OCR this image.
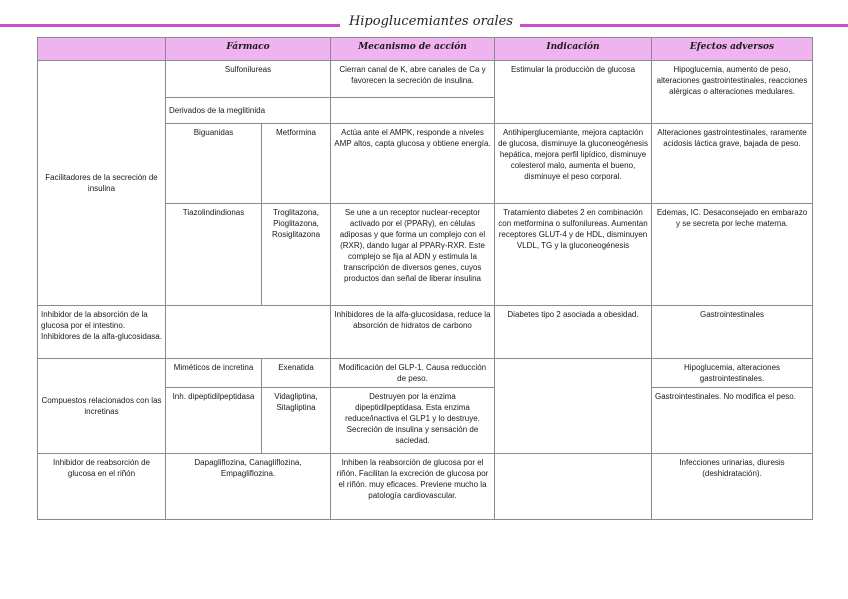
Hipoglucemiantes orales
	Fármaco		Mecanismo de acción	Indicación	Efectos adversos
Facilitadores de la secreción de insulina	Sulfonilureas		Cierran canal de K, abre canales de Ca y favorecen la secreción de insulina.	Estimular la producción de glucosa	Hipoglucemia, aumento de peso, alteraciones gastrointestinales, reacciones alérgicas o alteraciones medulares.
	Derivados de la meglitinida				
	Biguanidas	Metformina	Actúa ante el AMPK, responde a niveles AMP altos, capta glucosa y obtiene energía.	Antihiperglucemiante, mejora captación de glucosa, disminuye la gluconeogénesis hepática, mejora perfil lipídico, disminuye colesterol malo, aumenta el bueno, disminuye el peso corporal.	Alteraciones gastrointestinales, raramente acidosis láctica grave, bajada de peso.
	Tiazolindindionas	Troglitazona, Pioglitazona, Rosiglitazona	Se une a un receptor nuclear-receptor activado por el (PPARγ), en células adiposas y que forma un complejo con el (RXR), dando lugar al PPARγ-RXR. Este complejo se fija al ADN y estimula la transcripción de diversos genes, cuyos productos dan señal de liberar insulina	Tratamiento diabetes 2 en combinación con metformina o sulfonilureas. Aumentan receptores GLUT-4 y de HDL, disminuyen VLDL, TG y la gluconeogénesis	Edemas, IC. Desaconsejado en embarazo y se secreta por leche materna.
Inhibidor de la absorción de la glucosa por el intestino. Inhibidores de la alfa-glucosidasa.			Inhibidores de la alfa-glucosidasa, reduce la absorción de hidratos de carbono	Diabetes tipo 2 asociada a obesidad.	Gastrointestinales
Compuestos relacionados con las incretinas	Miméticos de incretina	Exenatida	Modificación del GLP-1. Causa reducción de peso.		Hipoglucemia, alteraciones gastrointestinales.
	Inh. dipeptidilpeptidasa	Vidagliptina, Sitagliptina	Destruyen por la enzima dipeptidilpeptidasa. Esta enzima reduce/inactiva el GLP1 y lo destruye. Secreción de insulina y sensación de saciedad.		Gastrointestinales. No modifica el peso.
Inhibidor de reabsorción de glucosa en el riñón	Dapagliflozina, Canagliflozina, Empagliflozina.		Inhiben la reabsorción de glucosa por el riñón. Facilitan la excreción de glucosa por el riñón. muy eficaces. Previene mucho la patología cardiovascular.		Infecciones urinarias, diuresis (deshidratación).
